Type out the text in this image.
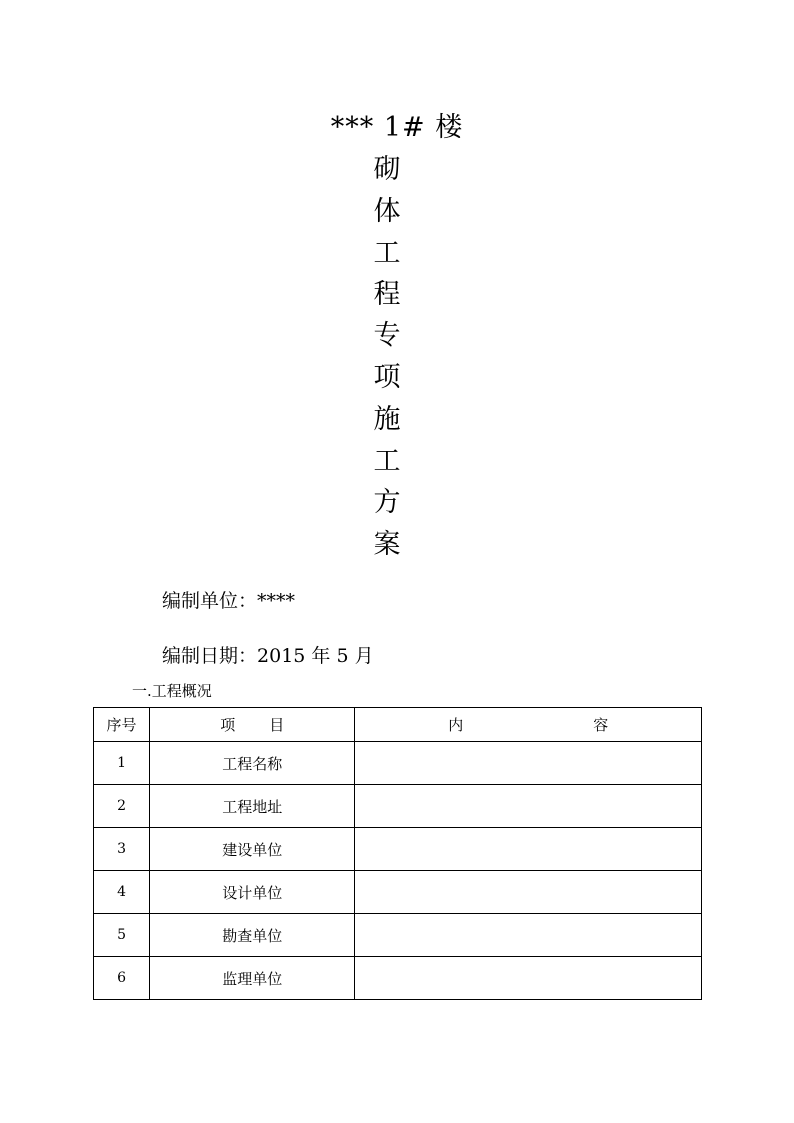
*** 1# 楼
砌
体
工
程
专
项
施
工
方
案
编制单位：****
编制日期：2015 年 5 月
一.工程概况
序号	项 目	内 容

1	工程名称	
2	工程地址	
3	建设单位	
4	设计单位	
5	勘查单位	
6	监理单位	
